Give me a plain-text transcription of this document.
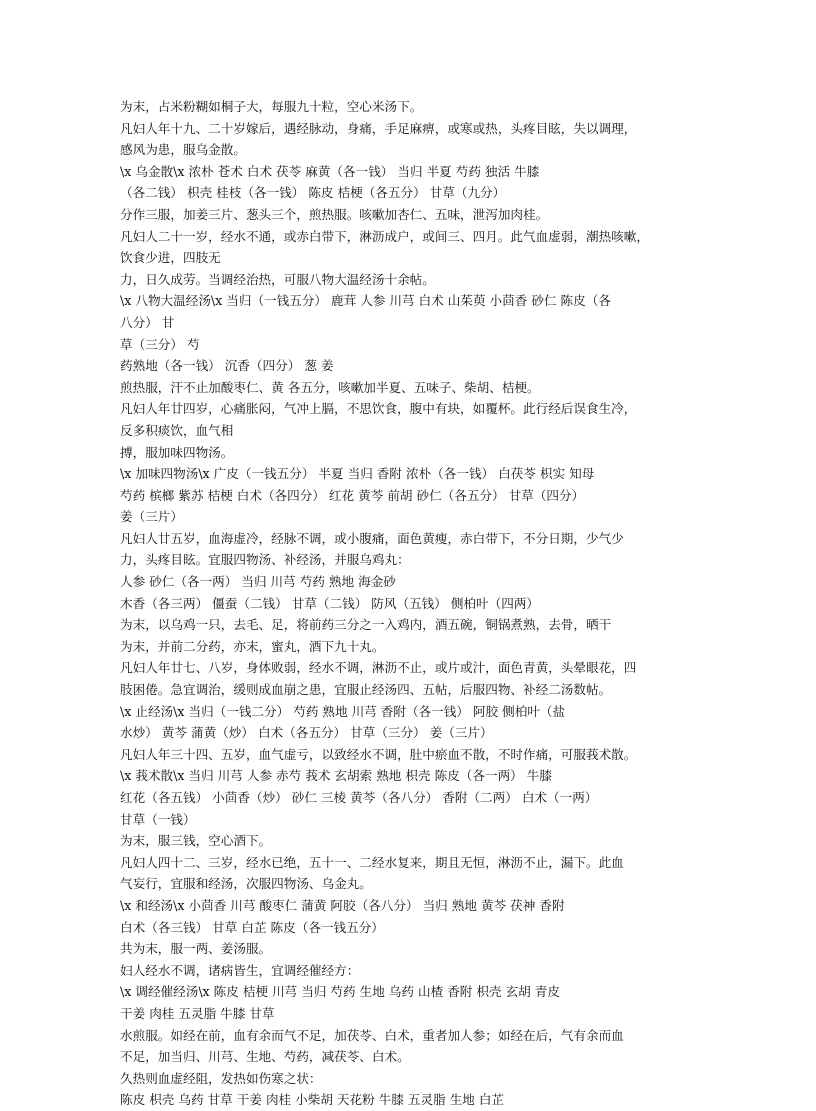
为末，占米粉糊如桐子大，每服九十粒，空心米汤下。
凡妇人年十九、二十岁嫁后，遇经脉动，身痛，手足麻痹，或寒或热，头疼目眩，失以调理，
感风为患，服乌金散。
\x 乌金散\x 浓朴 苍术 白术 茯苓 麻黄（各一钱） 当归 半夏 芍药 独活 牛膝
（各二钱） 枳壳 桂枝（各一钱） 陈皮 桔梗（各五分） 甘草（九分）
分作三服，加姜三片、葱头三个，煎热服。咳嗽加杏仁、五味，泄泻加肉桂。
凡妇人二十一岁，经水不通，或赤白带下，淋沥成户，或间三、四月。此气血虚弱，潮热咳嗽，
饮食少进，四肢无
力，日久成劳。当调经治热，可服八物大温经汤十余帖。
\x 八物大温经汤\x 当归（一钱五分） 鹿茸 人参 川芎 白术 山茱萸 小茴香 砂仁 陈皮（各
八分） 甘
草（三分） 芍
药熟地（各一钱） 沉香（四分） 葱 姜
煎热服，汗不止加酸枣仁、黄 各五分，咳嗽加半夏、五味子、柴胡、桔梗。
凡妇人年廿四岁，心痛胀闷，气冲上膈，不思饮食，腹中有块，如覆杯。此行经后误食生冷，
反多积痰饮，血气相
搏，服加味四物汤。
\x 加味四物汤\x 广皮（一钱五分） 半夏 当归 香附 浓朴（各一钱） 白茯苓 枳实 知母
芍药 槟榔 紫苏 桔梗 白术（各四分） 红花 黄芩 前胡 砂仁（各五分） 甘草（四分）
姜（三片）
凡妇人廿五岁，血海虚冷，经脉不调，或小腹痛，面色黄瘦，赤白带下，不分日期，少气少
力，头疼目眩。宜服四物汤、补经汤，并服乌鸡丸：
人参 砂仁（各一两） 当归 川芎 芍药 熟地 海金砂
木香（各三两） 僵蚕（二钱） 甘草（二钱） 防风（五钱） 侧柏叶（四两）
为末，以乌鸡一只，去毛、足，将前药三分之一入鸡内，酒五碗，铜锅煮熟，去骨，晒干
为末，并前二分药，亦末，蜜丸，酒下九十丸。
凡妇人年廿七、八岁，身体败弱，经水不调，淋沥不止，或片或汁，面色青黄，头晕眼花，四
肢困倦。急宜调治，缓则成血崩之患，宜服止经汤四、五帖，后服四物、补经二汤数帖。
\x 止经汤\x 当归（一钱二分） 芍药 熟地 川芎 香附（各一钱） 阿胶 侧柏叶（盐
水炒） 黄芩 蒲黄（炒） 白术（各五分） 甘草（三分） 姜（三片）
凡妇人年三十四、五岁，血气虚亏，以致经水不调，肚中瘀血不散，不时作痛，可服莪术散。
\x 莪术散\x 当归 川芎 人参 赤芍 莪术 玄胡索 熟地 枳壳 陈皮（各一两） 牛膝
红花（各五钱） 小茴香（炒） 砂仁 三棱 黄芩（各八分） 香附（二两） 白术（一两）
甘草（一钱）
为末，服三钱，空心酒下。
凡妇人四十二、三岁，经水已绝，五十一、二经水复来，期且无恒，淋沥不止，漏下。此血
气妄行，宜服和经汤，次服四物汤、乌金丸。
\x 和经汤\x 小茴香 川芎 酸枣仁 蒲黄 阿胶（各八分） 当归 熟地 黄芩 茯神 香附
白术（各三钱） 甘草 白芷 陈皮（各一钱五分）
共为末，服一两、姜汤服。
妇人经水不调，诸病皆生，宜调经催经方：
\x 调经催经汤\x 陈皮 桔梗 川芎 当归 芍药 生地 乌药 山楂 香附 枳壳 玄胡 青皮
干姜 肉桂 五灵脂 牛膝 甘草
水煎服。如经在前，血有余而气不足，加茯苓、白术，重者加人参；如经在后，气有余而血
不足，加当归、川芎、生地、芍药，减茯苓、白术。
久热则血虚经阻，发热如伤寒之状：
陈皮 枳壳 乌药 甘草 干姜 肉桂 小柴胡 天花粉 牛膝 五灵脂 生地 白芷
